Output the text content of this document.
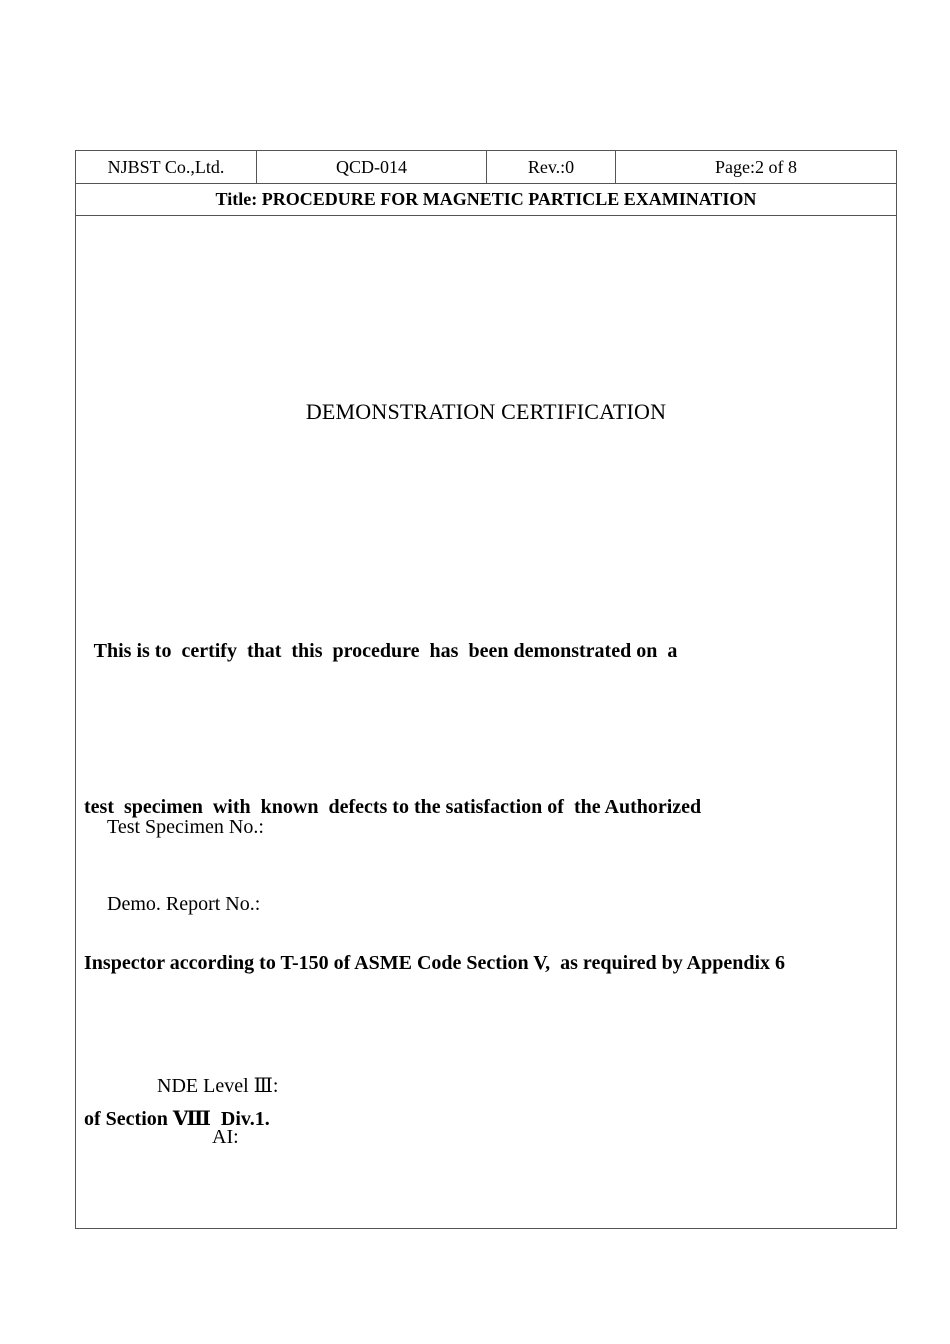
NJBST Co.,Ltd.	QCD-014	Rev.:0	Page:2 of 8
Title: PROCEDURE FOR MAGNETIC PARTICLE EXAMINATION
DEMONSTRATION CERTIFICATION

This is to  certify  that  this  procedure  has  been demonstrated on  a

test  specimen  with  known  defects to the satisfaction of  the Authorized

Inspector according to T-150 of ASME Code Section V,  as required by Appendix 6

of Section Ⅷ  Div.1.

Test Specimen No.:
Demo. Report No.:
NDE Level Ⅲ:
AI:
